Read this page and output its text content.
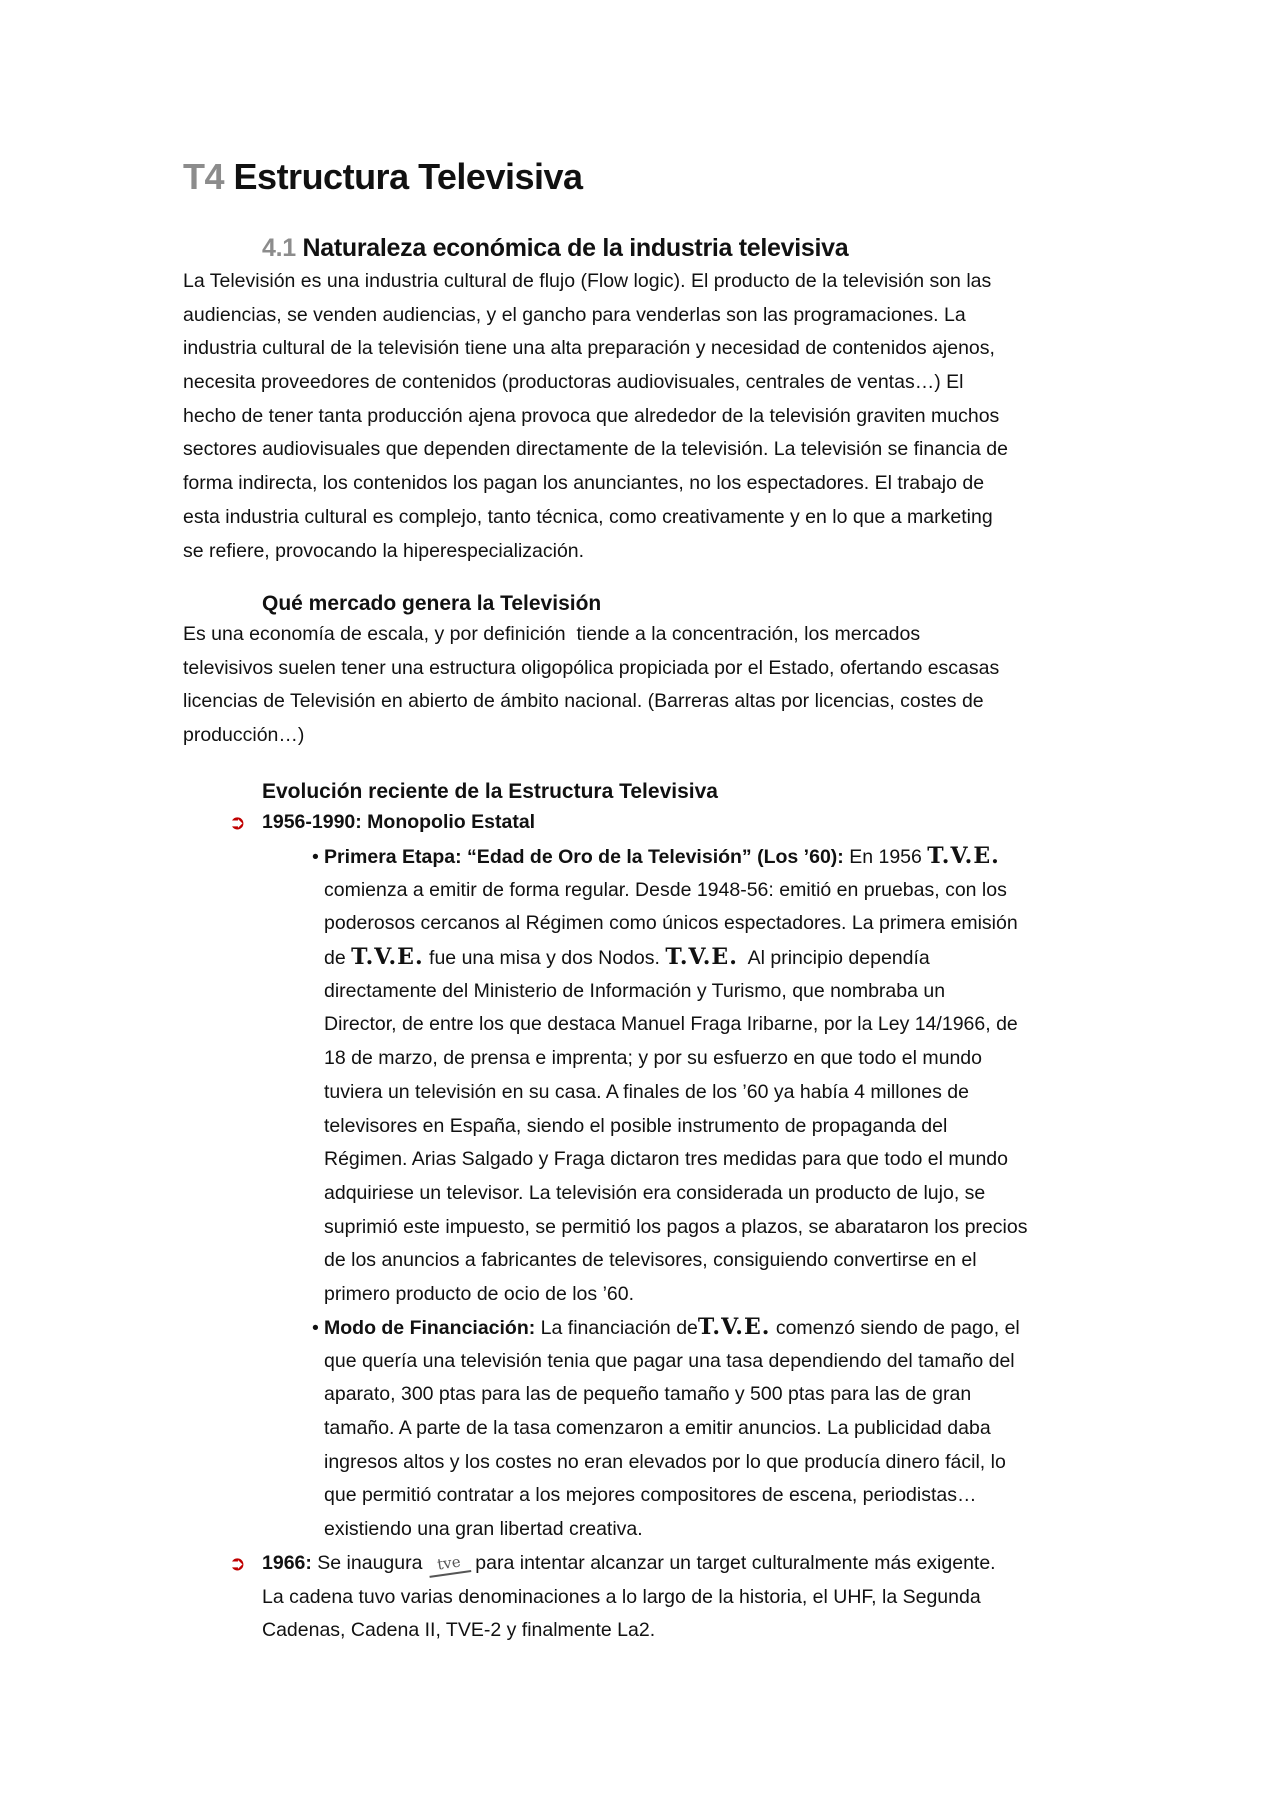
T4 Estructura Televisiva
4.1 Naturaleza económica de la industria televisiva
La Televisión es una industria cultural de flujo (Flow logic). El producto de la televisión son las
audiencias, se venden audiencias, y el gancho para venderlas son las programaciones. La
industria cultural de la televisión tiene una alta preparación y necesidad de contenidos ajenos,
necesita proveedores de contenidos (productoras audiovisuales, centrales de ventas…) El
hecho de tener tanta producción ajena provoca que alrededor de la televisión graviten muchos
sectores audiovisuales que dependen directamente de la televisión. La televisión se financia de
forma indirecta, los contenidos los pagan los anunciantes, no los espectadores. El trabajo de
esta industria cultural es complejo, tanto técnica, como creativamente y en lo que a marketing
se refiere, provocando la hiperespecialización.
Qué mercado genera la Televisión
Es una economía de escala, y por definición  tiende a la concentración, los mercados
televisivos suelen tener una estructura oligopólica propiciada por el Estado, ofertando escasas
licencias de Televisión en abierto de ámbito nacional. (Barreras altas por licencias, costes de
producción…)
Evolución reciente de la Estructura Televisiva
➲ 1956-1990: Monopolio Estatal
• Primera Etapa: “Edad de Oro de la Televisión” (Los ’60): En 1956 T.V.E.
comienza a emitir de forma regular. Desde 1948-56: emitió en pruebas, con los
poderosos cercanos al Régimen como únicos espectadores. La primera emisión
de T.V.E. fue una misa y dos Nodos. T.V.E.  Al principio dependía
directamente del Ministerio de Información y Turismo, que nombraba un
Director, de entre los que destaca Manuel Fraga Iribarne, por la Ley 14/1966, de
18 de marzo, de prensa e imprenta; y por su esfuerzo en que todo el mundo
tuviera un televisión en su casa. A finales de los ’60 ya había 4 millones de
televisores en España, siendo el posible instrumento de propaganda del
Régimen. Arias Salgado y Fraga dictaron tres medidas para que todo el mundo
adquiriese un televisor. La televisión era considerada un producto de lujo, se
suprimió este impuesto, se permitió los pagos a plazos, se abarataron los precios
de los anuncios a fabricantes de televisores, consiguiendo convertirse en el
primero producto de ocio de los ’60.
• Modo de Financiación: La financiación deT.V.E. comenzó siendo de pago, el
que quería una televisión tenia que pagar una tasa dependiendo del tamaño del
aparato, 300 ptas para las de pequeño tamaño y 500 ptas para las de gran
tamaño. A parte de la tasa comenzaron a emitir anuncios. La publicidad daba
ingresos altos y los costes no eran elevados por lo que producía dinero fácil, lo
que permitió contratar a los mejores compositores de escena, periodistas…
existiendo una gran libertad creativa.
➲ 1966: Se inaugura tve para intentar alcanzar un target culturalmente más exigente.
La cadena tuvo varias denominaciones a lo largo de la historia, el UHF, la Segunda
Cadenas, Cadena II, TVE-2 y finalmente La2.
